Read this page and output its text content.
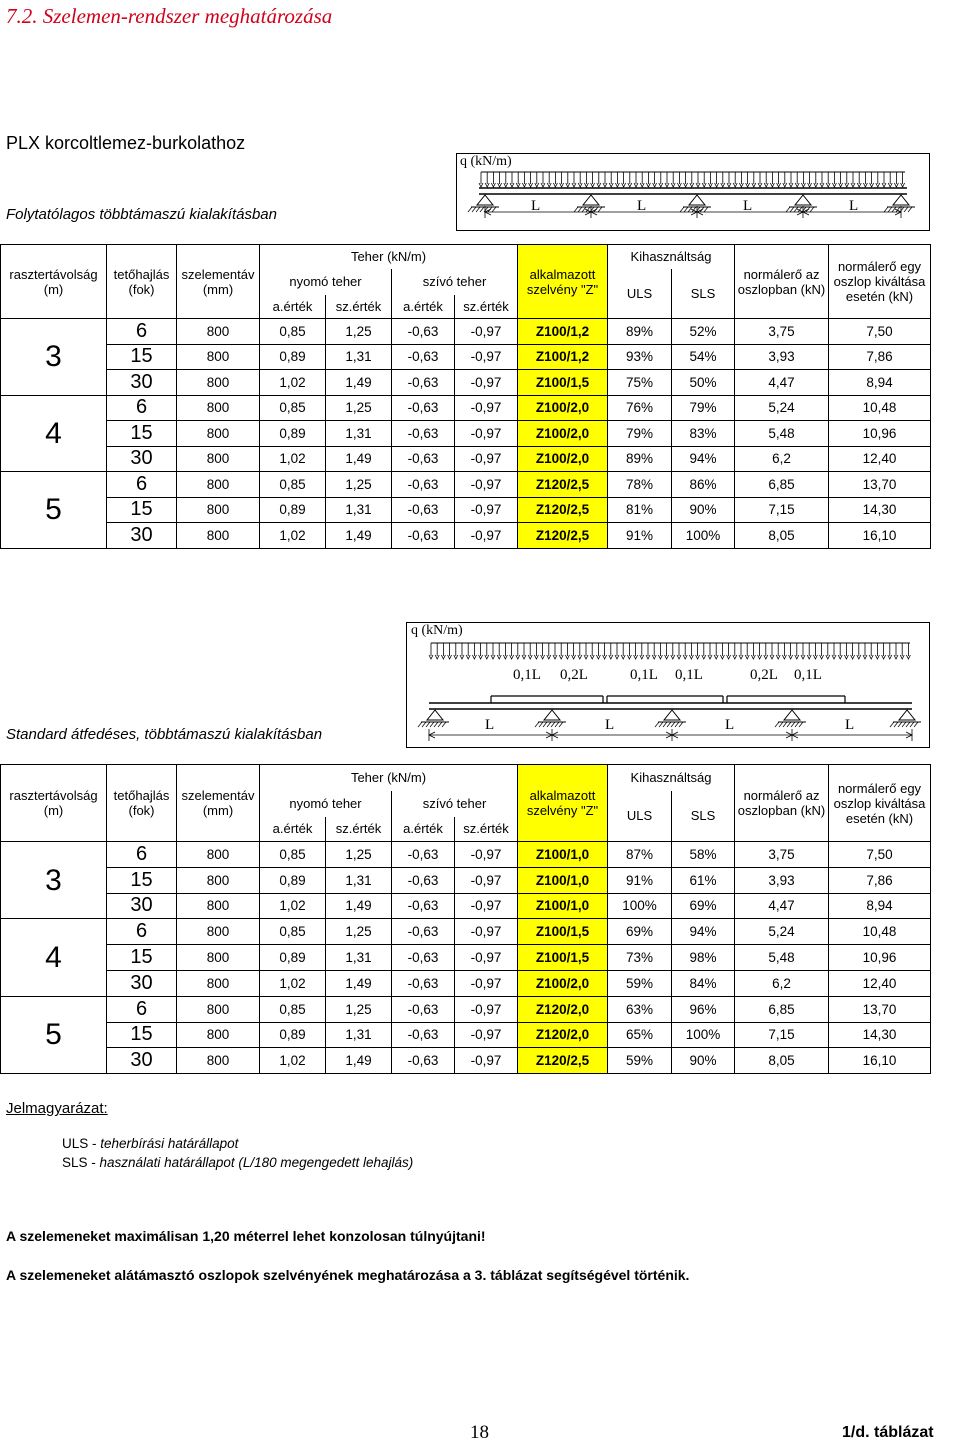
7.2. Szelemen-rendszer meghatározása
PLX korcoltlemez-burkolathoz
q (kN/m)
L	L	L	L
Folytatólagos többtámaszú kialakításban
rasztertávolság (m)	tetőhajlás (fok)	szelementáv (mm)	Teher (kN/m)				alkalmazott szelvény "Z"	Kihasználtság		normálerő az oszlopban (kN)	normálerő egy oszlop kiváltása esetén (kN)
			nyomó teher		szívó teher			ULS	SLS		
			a.érték	sz.érték	a.érték	sz.érték					
3	6	800	0,85	1,25	-0,63	-0,97	Z100/1,2	89%	52%	3,75	7,50
	15	800	0,89	1,31	-0,63	-0,97	Z100/1,2	93%	54%	3,93	7,86
	30	800	1,02	1,49	-0,63	-0,97	Z100/1,5	75%	50%	4,47	8,94
4	6	800	0,85	1,25	-0,63	-0,97	Z100/2,0	76%	79%	5,24	10,48
	15	800	0,89	1,31	-0,63	-0,97	Z100/2,0	79%	83%	5,48	10,96
	30	800	1,02	1,49	-0,63	-0,97	Z100/2,0	89%	94%	6,2	12,40
5	6	800	0,85	1,25	-0,63	-0,97	Z120/2,5	78%	86%	6,85	13,70
	15	800	0,89	1,31	-0,63	-0,97	Z120/2,5	81%	90%	7,15	14,30
	30	800	1,02	1,49	-0,63	-0,97	Z120/2,5	91%	100%	8,05	16,10
q (kN/m)
L	L	L	L
0,1L 0,2L	0,1L 0,1L	0,2L 0,1L
Standard átfedéses, többtámaszú kialakításban
rasztertávolság (m)	tetőhajlás (fok)	szelementáv (mm)	Teher (kN/m)				alkalmazott szelvény "Z"	Kihasználtság		normálerő az oszlopban (kN)	normálerő egy oszlop kiváltása esetén (kN)
			nyomó teher		szívó teher			ULS	SLS		
			a.érték	sz.érték	a.érték	sz.érték					
3	6	800	0,85	1,25	-0,63	-0,97	Z100/1,0	87%	58%	3,75	7,50
	15	800	0,89	1,31	-0,63	-0,97	Z100/1,0	91%	61%	3,93	7,86
	30	800	1,02	1,49	-0,63	-0,97	Z100/1,0	100%	69%	4,47	8,94
4	6	800	0,85	1,25	-0,63	-0,97	Z100/1,5	69%	94%	5,24	10,48
	15	800	0,89	1,31	-0,63	-0,97	Z100/1,5	73%	98%	5,48	10,96
	30	800	1,02	1,49	-0,63	-0,97	Z100/2,0	59%	84%	6,2	12,40
5	6	800	0,85	1,25	-0,63	-0,97	Z120/2,0	63%	96%	6,85	13,70
	15	800	0,89	1,31	-0,63	-0,97	Z120/2,0	65%	100%	7,15	14,30
	30	800	1,02	1,49	-0,63	-0,97	Z120/2,5	59%	90%	8,05	16,10
Jelmagyarázat:
ULS - teherbírási határállapot
SLS - használati határállapot (L/180 megengedett lehajlás)
A szelemeneket maximálisan 1,20 méterrel lehet konzolosan túlnyújtani!
A szelemeneket alátámasztó oszlopok szelvényének meghatározása a 3. táblázat segítségével történik.
18	1/d. táblázat
